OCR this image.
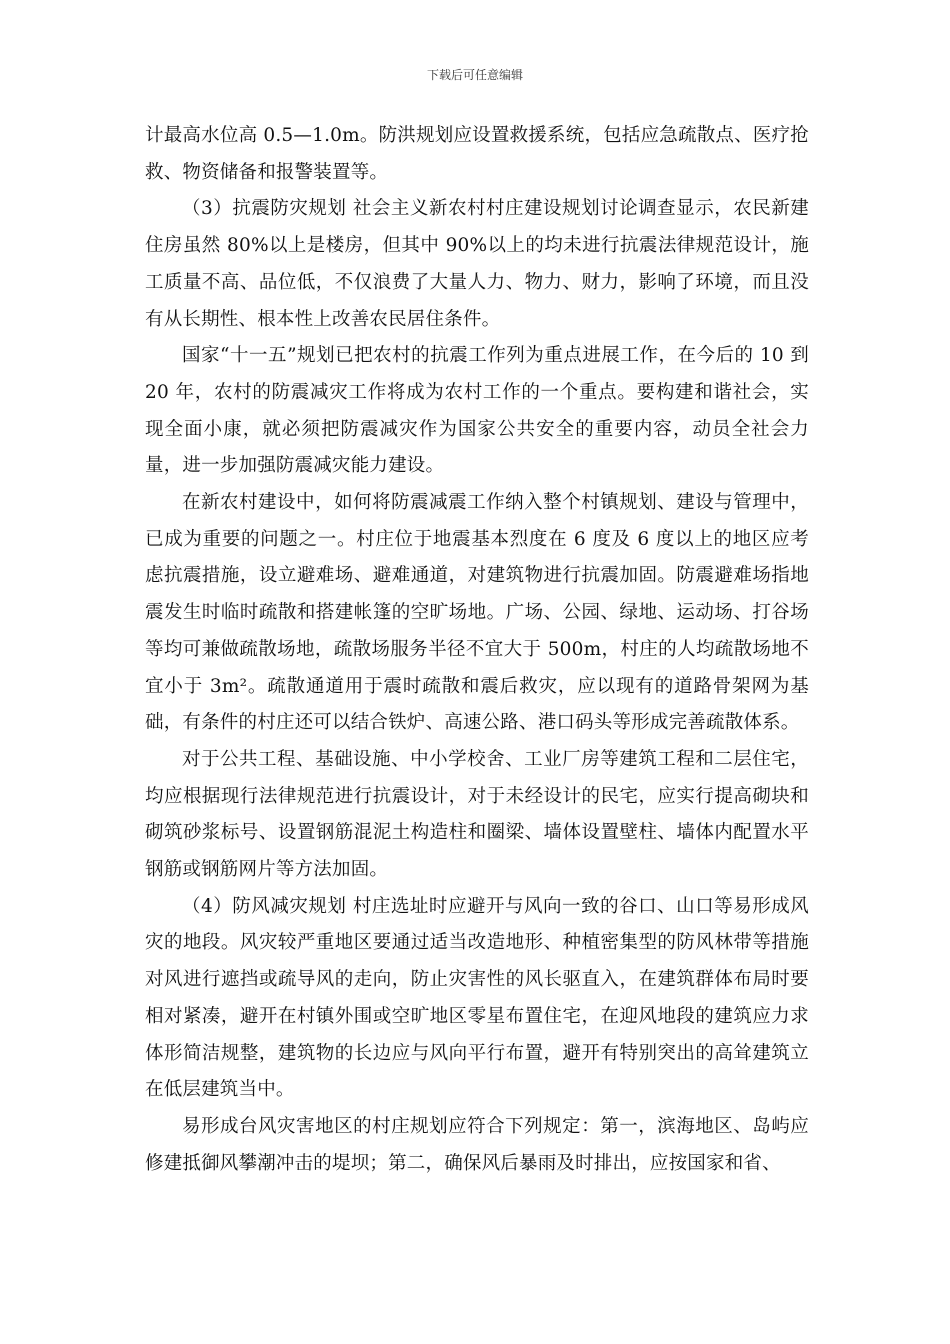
下载后可任意编辑

计最高水位高 0.5—1.0m。防洪规划应设置救援系统，包括应急疏散点、医疗抢救、物资储备和报警装置等。

（3）抗震防灾规划 社会主义新农村村庄建设规划讨论调查显示，农民新建住房虽然 80%以上是楼房，但其中 90%以上的均未进行抗震法律规范设计，施工质量不高、品位低，不仅浪费了大量人力、物力、财力，影响了环境，而且没有从长期性、根本性上改善农民居住条件。

国家“十一五”规划已把农村的抗震工作列为重点进展工作，在今后的 10 到 20 年，农村的防震减灾工作将成为农村工作的一个重点。要构建和谐社会，实现全面小康，就必须把防震减灾作为国家公共安全的重要内容，动员全社会力量，进一步加强防震减灾能力建设。

在新农村建设中，如何将防震减震工作纳入整个村镇规划、建设与管理中，已成为重要的问题之一。村庄位于地震基本烈度在 6 度及 6 度以上的地区应考虑抗震措施，设立避难场、避难通道，对建筑物进行抗震加固。防震避难场指地震发生时临时疏散和搭建帐篷的空旷场地。广场、公园、绿地、运动场、打谷场等均可兼做疏散场地，疏散场服务半径不宜大于 500m，村庄的人均疏散场地不宜小于 3m²。疏散通道用于震时疏散和震后救灾，应以现有的道路骨架网为基础，有条件的村庄还可以结合铁炉、高速公路、港口码头等形成完善疏散体系。

对于公共工程、基础设施、中小学校舍、工业厂房等建筑工程和二层住宅，均应根据现行法律规范进行抗震设计，对于未经设计的民宅，应实行提高砌块和砌筑砂浆标号、设置钢筋混泥土构造柱和圈梁、墙体设置壁柱、墙体内配置水平钢筋或钢筋网片等方法加固。

（4）防风减灾规划 村庄选址时应避开与风向一致的谷口、山口等易形成风灾的地段。风灾较严重地区要通过适当改造地形、种植密集型的防风林带等措施对风进行遮挡或疏导风的走向，防止灾害性的风长驱直入，在建筑群体布局时要相对紧凑，避开在村镇外围或空旷地区零星布置住宅，在迎风地段的建筑应力求体形简洁规整，建筑物的长边应与风向平行布置，避开有特别突出的高耸建筑立在低层建筑当中。

易形成台风灾害地区的村庄规划应符合下列规定：第一，滨海地区、岛屿应修建抵御风攀潮冲击的堤坝；第二，确保风后暴雨及时排出，应按国家和省、
